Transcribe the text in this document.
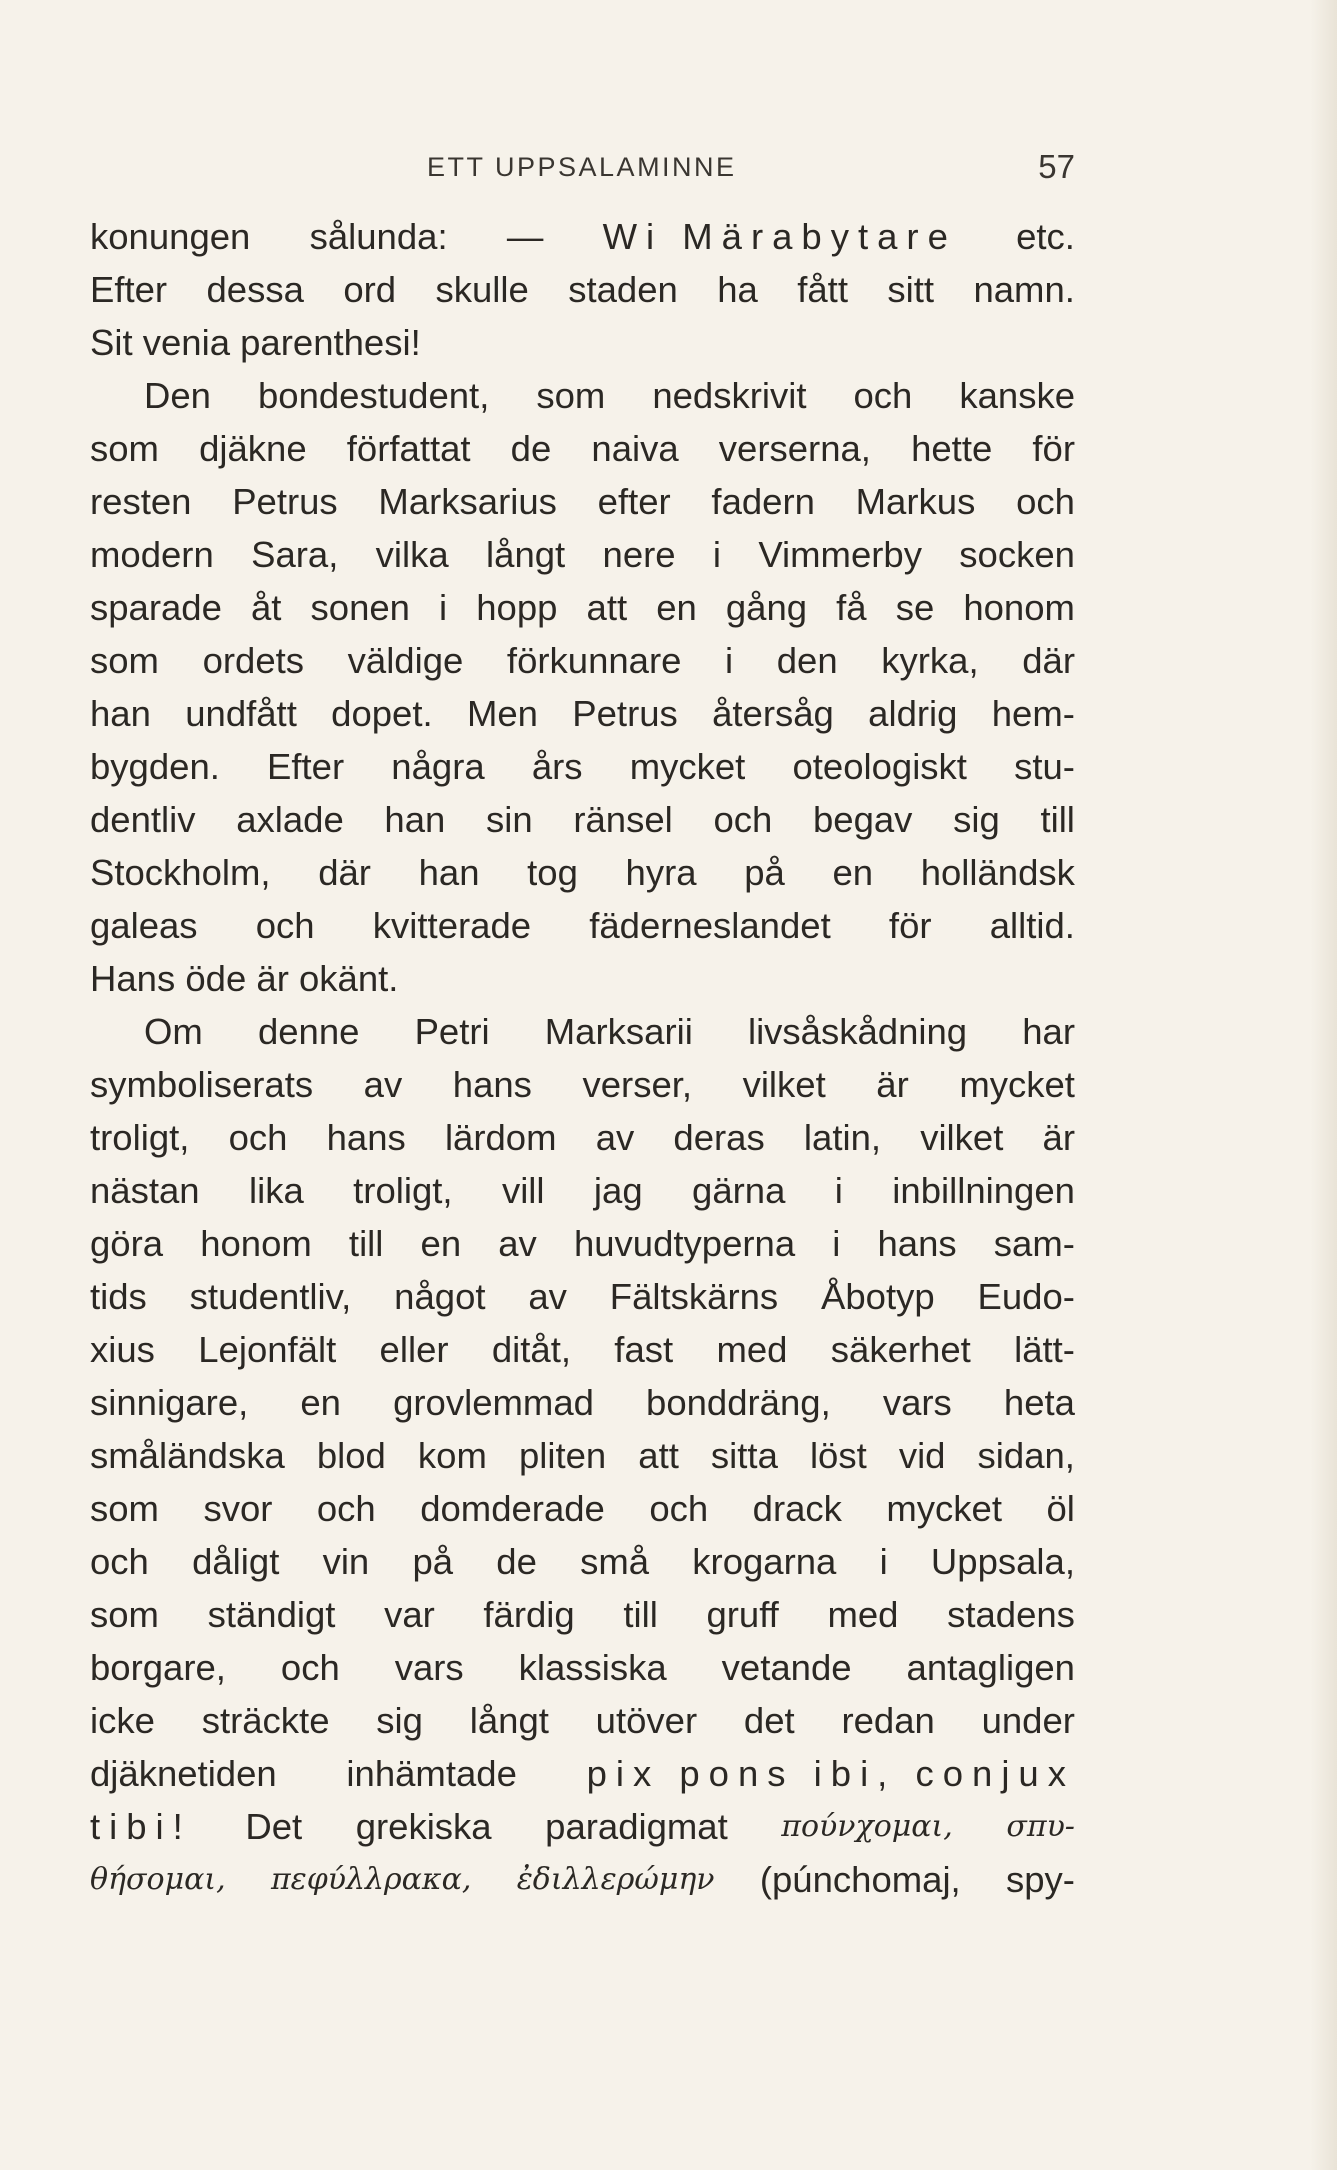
ETT UPPSALAMINNE	57
konungen sålunda: — Wi Märabytare etc.
Efter dessa ord skulle staden ha fått sitt namn.
Sit venia parenthesi!
Den bondestudent, som nedskrivit och kanske
som djäkne författat de naiva verserna, hette för
resten Petrus Marksarius efter fadern Markus och
modern Sara, vilka långt nere i Vimmerby socken
sparade åt sonen i hopp att en gång få se honom
som ordets väldige förkunnare i den kyrka, där
han undfått dopet. Men Petrus återsåg aldrig hem-
bygden. Efter några års mycket oteologiskt stu-
dentliv axlade han sin ränsel och begav sig till
Stockholm, där han tog hyra på en holländsk
galeas och kvitterade fäderneslandet för alltid.
Hans öde är okänt.
Om denne Petri Marksarii livsåskådning har
symboliserats av hans verser, vilket är mycket
troligt, och hans lärdom av deras latin, vilket är
nästan lika troligt, vill jag gärna i inbillningen
göra honom till en av huvudtyperna i hans sam-
tids studentliv, något av Fältskärns Åbotyp Eudo-
xius Lejonfält eller ditåt, fast med säkerhet lätt-
sinnigare, en grovlemmad bonddräng, vars heta
småländska blod kom pliten att sitta löst vid sidan,
som svor och domderade och drack mycket öl
och dåligt vin på de små krogarna i Uppsala,
som ständigt var färdig till gruff med stadens
borgare, och vars klassiska vetande antagligen
icke sträckte sig långt utöver det redan under
djäknetiden inhämtade pix pons ibi, conjux
tibi! Det grekiska paradigmat πούνχομαι, σπυ-
θήσομαι, πεφύλλρακα, ἐδιλλερώμην (púnchomaj, spy-
